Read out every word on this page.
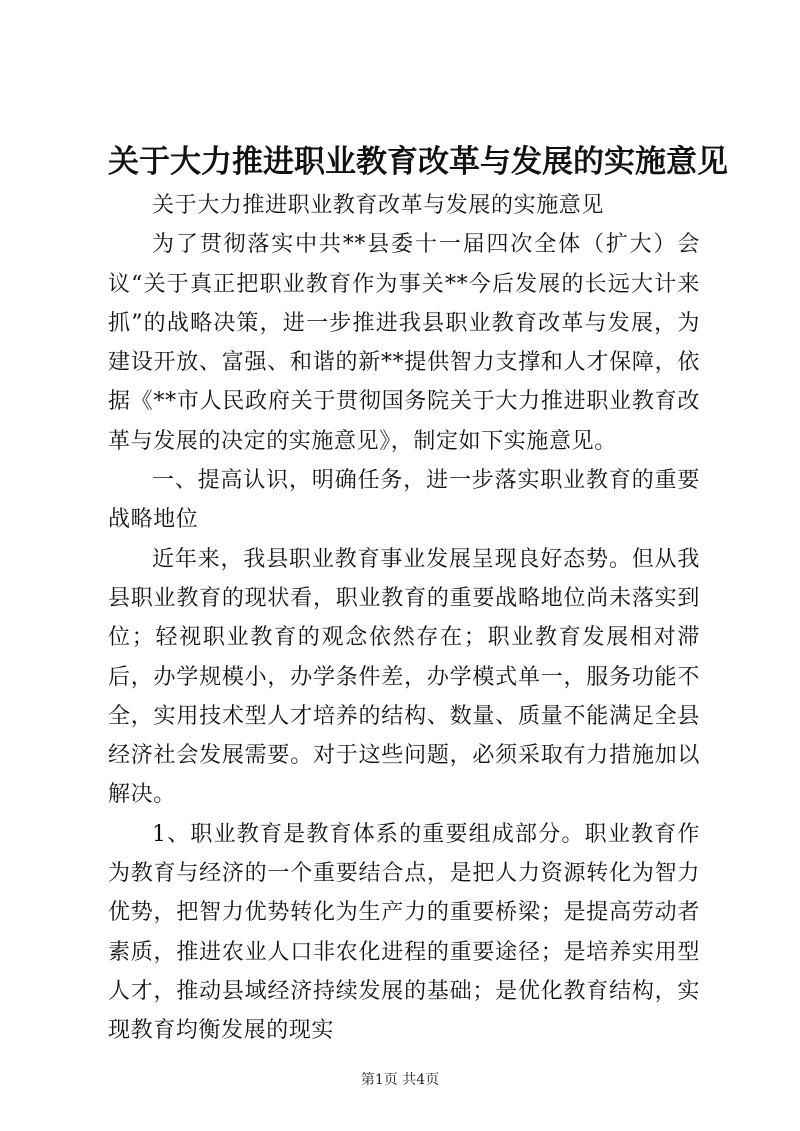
关于大力推进职业教育改革与发展的实施意见

关于大力推进职业教育改革与发展的实施意见

为了贯彻落实中共**县委十一届四次全体（扩大）会议“关于真正把职业教育作为事关**今后发展的长远大计来抓”的战略决策，进一步推进我县职业教育改革与发展，为建设开放、富强、和谐的新**提供智力支撑和人才保障，依据《**市人民政府关于贯彻国务院关于大力推进职业教育改革与发展的决定的实施意见》，制定如下实施意见。

一、提高认识，明确任务，进一步落实职业教育的重要战略地位

近年来，我县职业教育事业发展呈现良好态势。但从我县职业教育的现状看，职业教育的重要战略地位尚未落实到位；轻视职业教育的观念依然存在；职业教育发展相对滞后，办学规模小，办学条件差，办学模式单一，服务功能不全，实用技术型人才培养的结构、数量、质量不能满足全县经济社会发展需要。对于这些问题，必须采取有力措施加以解决。

1、职业教育是教育体系的重要组成部分。职业教育作为教育与经济的一个重要结合点，是把人力资源转化为智力优势，把智力优势转化为生产力的重要桥梁；是提高劳动者素质，推进农业人口非农化进程的重要途径；是培养实用型人才，推动县域经济持续发展的基础；是优化教育结构，实现教育均衡发展的现实

第1页 共4页
